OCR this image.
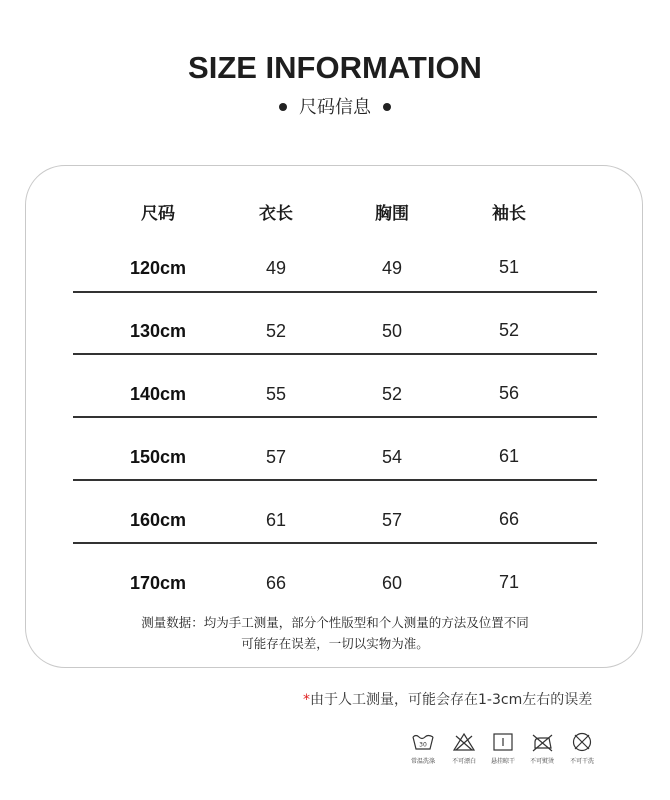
SIZE INFORMATION
尺码信息
尺码	衣长	胸围	袖长
120cm	49	49	51
130cm	52	50	52
140cm	55	52	56
150cm	57	54	61
160cm	61	57	66
170cm	66	60	71
测量数据：均为手工测量，部分个性版型和个人测量的方法及位置不同
可能存在误差，一切以实物为准。
*由于人工测量，可能会存在1-3cm左右的误差
30
常温洗涤	不可漂白	悬挂晾干	不可熨烫	不可干洗
